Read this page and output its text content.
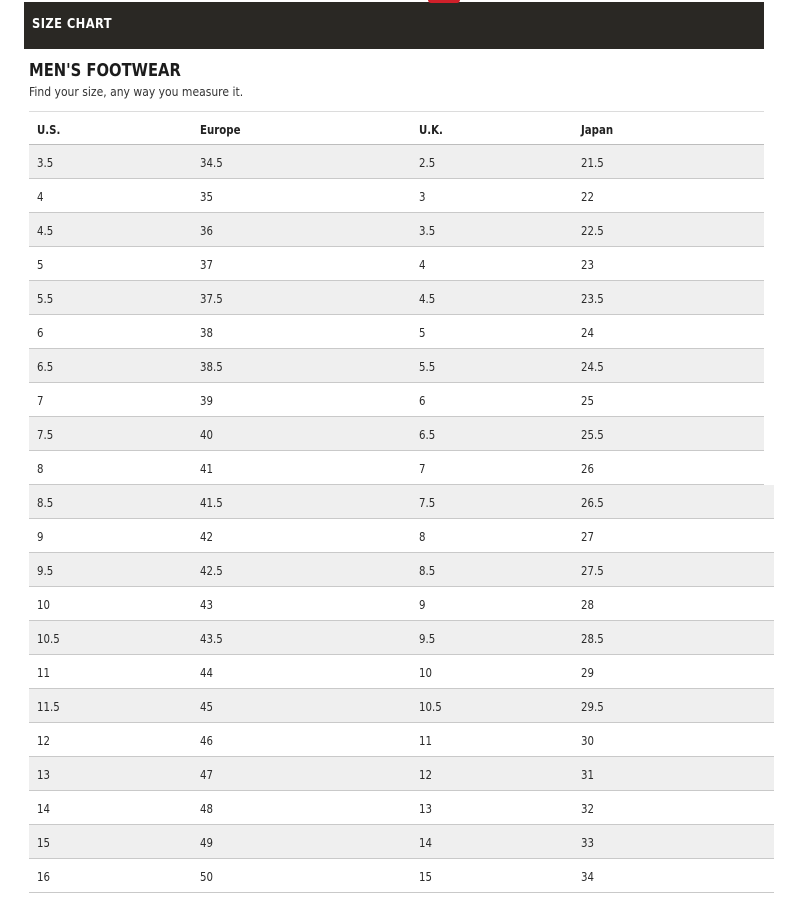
SIZE CHART
MEN'S FOOTWEAR
Find your size, any way you measure it.
U.S.	Europe	U.K.	Japan
3.5	34.5	2.5	21.5
4	35	3	22
4.5	36	3.5	22.5
5	37	4	23
5.5	37.5	4.5	23.5
6	38	5	24
6.5	38.5	5.5	24.5
7	39	6	25
7.5	40	6.5	25.5
8	41	7	26
8.5	41.5	7.5	26.5
9	42	8	27
9.5	42.5	8.5	27.5
10	43	9	28
10.5	43.5	9.5	28.5
11	44	10	29
11.5	45	10.5	29.5
12	46	11	30
13	47	12	31
14	48	13	32
15	49	14	33
16	50	15	34
